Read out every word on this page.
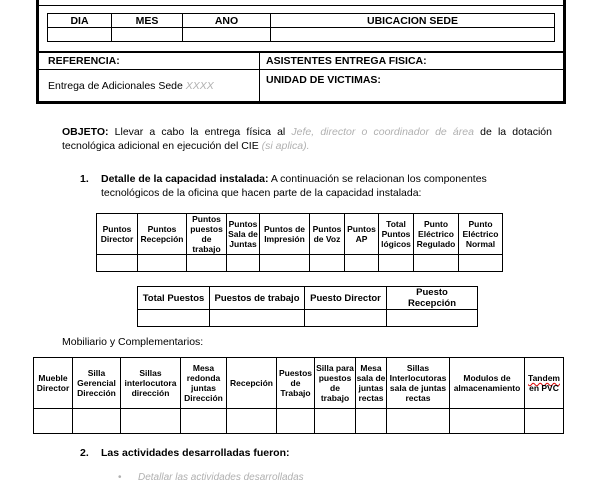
DIA	MES	ANO	UBICACION SEDE

REFERENCIA:
Entrega de Adicionales Sede XXXX
ASISTENTES ENTREGA FISICA:
UNIDAD DE VICTIMAS:
OBJETO: Llevar a cabo la entrega física al Jefe, director o coordinador de área de la dotación tecnológica adicional en ejecución del CIE (si aplica).
1. Detalle de la capacidad instalada: A continuación se relacionan los componentes tecnológicos de la oficina que hacen parte de la capacidad instalada:
Puntos Director	Puntos Recepción	Puntos puestos de trabajo	Puntos Sala de Juntas	Puntos de Impresión	Puntos de Voz	Puntos AP	Total Puntos lógicos	Punto Eléctrico Regulado	Punto Eléctrico Normal

Total Puestos	Puestos de trabajo	Puesto Director	Puesto Recepción

Mobiliario y Complementarios:
Mueble Director	Silla Gerencial Dirección	Sillas interlocutora dirección	Mesa redonda juntas Dirección	Recepción	Puestos de Trabajo	Silla para puestos de trabajo	Mesa sala de juntas rectas	Sillas Interlocutoras sala de juntas rectas	Modulos de almacenamiento	Tandem en PVC

2. Las actividades desarrolladas fueron:
• Detallar las actividades desarrolladas
